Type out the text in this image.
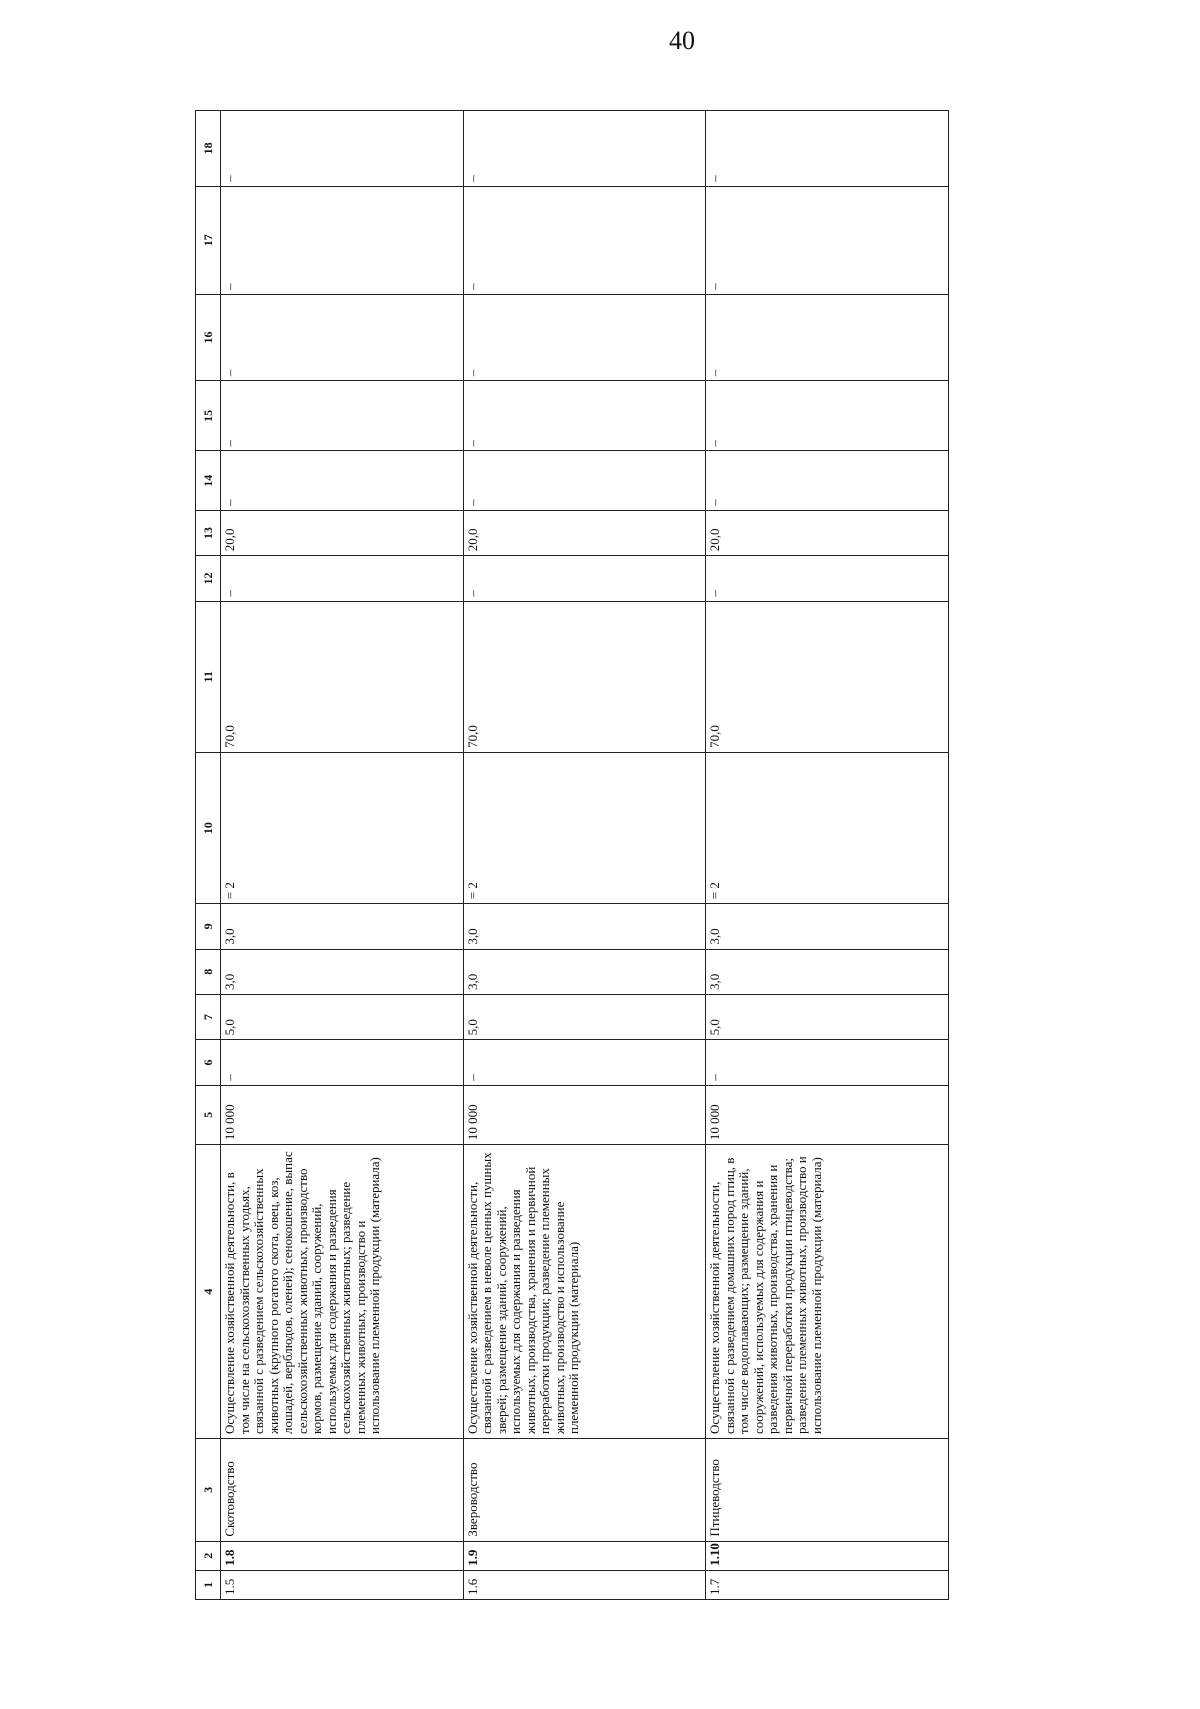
40
1	2	3	4	5	6	7	8	9	10	11	12	13	14	15	16	17	18
1.5	1.8	Скотоводство	Осуществление хозяйственной деятельности, в том числе на сельскохозяйственных угодьях, связанной с разведением сельскохозяйственных животных (крупного рогатого скота, овец, коз, лошадей, верблюдов, оленей); сенокошение, выпас сельскохозяйственных животных, производство кормов, размещение зданий, сооружений, используемых для содержания и разведения сельскохозяйственных животных; разведение племенных животных, производство и использование племенной продукции (материала)	10 000	–	5,0	3,0	3,0	= 2	70,0	–	20,0	–	–	–	–	–
1.6	1.9	Звероводство	Осуществление хозяйственной деятельности, связанной с разведением в неволе ценных пушных зверей; размещение зданий, сооружений, используемых для содержания и разведения животных, производства, хранения и первичной переработки продукции; разведение племенных животных, производство и использование племенной продукции (материала)	10 000	–	5,0	3,0	3,0	= 2	70,0	–	20,0	–	–	–	–	–
1.7	1.10	Птицеводство	Осуществление хозяйственной деятельности, связанной с разведением домашних пород птиц, в том числе водоплавающих; размещение зданий, сооружений, используемых для содержания и разведения животных, производства, хранения и первичной переработки продукции птицеводства; разведение племенных животных, производство и использование племенной продукции (материала)	10 000	–	5,0	3,0	3,0	= 2	70,0	–	20,0	–	–	–	–	–
